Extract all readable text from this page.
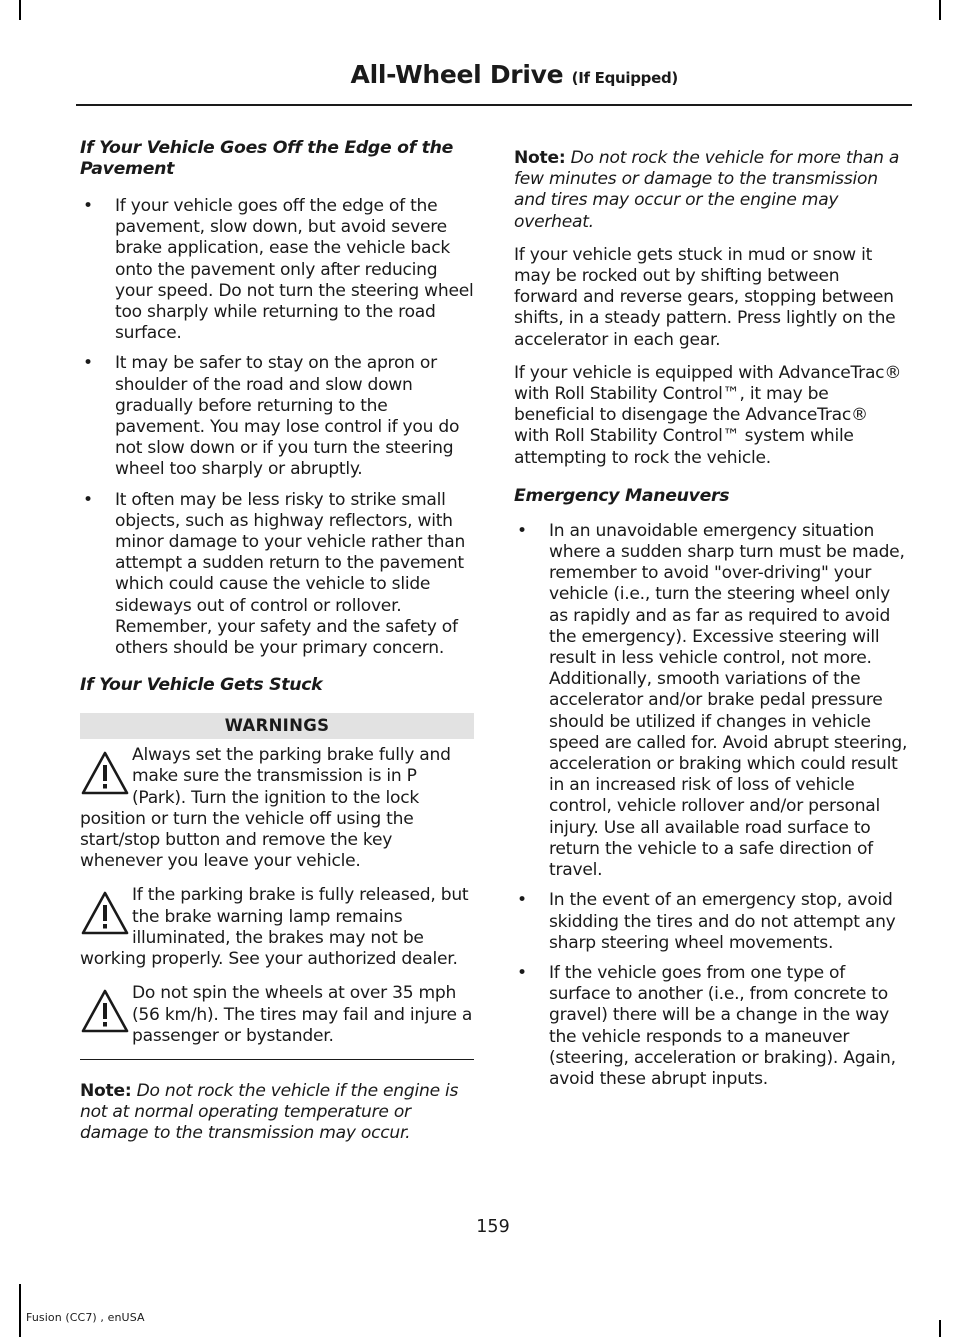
All-Wheel Drive (If Equipped)
If Your Vehicle Goes Off the Edge of the Pavement
• If your vehicle goes off the edge of the pavement, slow down, but avoid severe brake application, ease the vehicle back onto the pavement only after reducing your speed. Do not turn the steering wheel too sharply while returning to the road surface.
• It may be safer to stay on the apron or shoulder of the road and slow down gradually before returning to the pavement. You may lose control if you do not slow down or if you turn the steering wheel too sharply or abruptly.
• It often may be less risky to strike small objects, such as highway reflectors, with minor damage to your vehicle rather than attempt a sudden return to the pavement which could cause the vehicle to slide sideways out of control or rollover. Remember, your safety and the safety of others should be your primary concern.
If Your Vehicle Gets Stuck
WARNINGS
Always set the parking brake fully and make sure the transmission is in P (Park). Turn the ignition to the lock position or turn the vehicle off using the start/stop button and remove the key whenever you leave your vehicle.
If the parking brake is fully released, but the brake warning lamp remains illuminated, the brakes may not be working properly. See your authorized dealer.
Do not spin the wheels at over 35 mph (56 km/h). The tires may fail and injure a passenger or bystander.
Note: Do not rock the vehicle if the engine is not at normal operating temperature or damage to the transmission may occur.
Note: Do not rock the vehicle for more than a few minutes or damage to the transmission and tires may occur or the engine may overheat.
If your vehicle gets stuck in mud or snow it may be rocked out by shifting between forward and reverse gears, stopping between shifts, in a steady pattern. Press lightly on the accelerator in each gear.
If your vehicle is equipped with AdvanceTrac® with Roll Stability Control™, it may be beneficial to disengage the AdvanceTrac® with Roll Stability Control™ system while attempting to rock the vehicle.
Emergency Maneuvers
• In an unavoidable emergency situation where a sudden sharp turn must be made, remember to avoid "over-driving" your vehicle (i.e., turn the steering wheel only as rapidly and as far as required to avoid the emergency). Excessive steering will result in less vehicle control, not more. Additionally, smooth variations of the accelerator and/or brake pedal pressure should be utilized if changes in vehicle speed are called for. Avoid abrupt steering, acceleration or braking which could result in an increased risk of loss of vehicle control, vehicle rollover and/or personal injury. Use all available road surface to return the vehicle to a safe direction of travel.
• In the event of an emergency stop, avoid skidding the tires and do not attempt any sharp steering wheel movements.
• If the vehicle goes from one type of surface to another (i.e., from concrete to gravel) there will be a change in the way the vehicle responds to a maneuver (steering, acceleration or braking). Again, avoid these abrupt inputs.
159
Fusion (CC7) , enUSA
